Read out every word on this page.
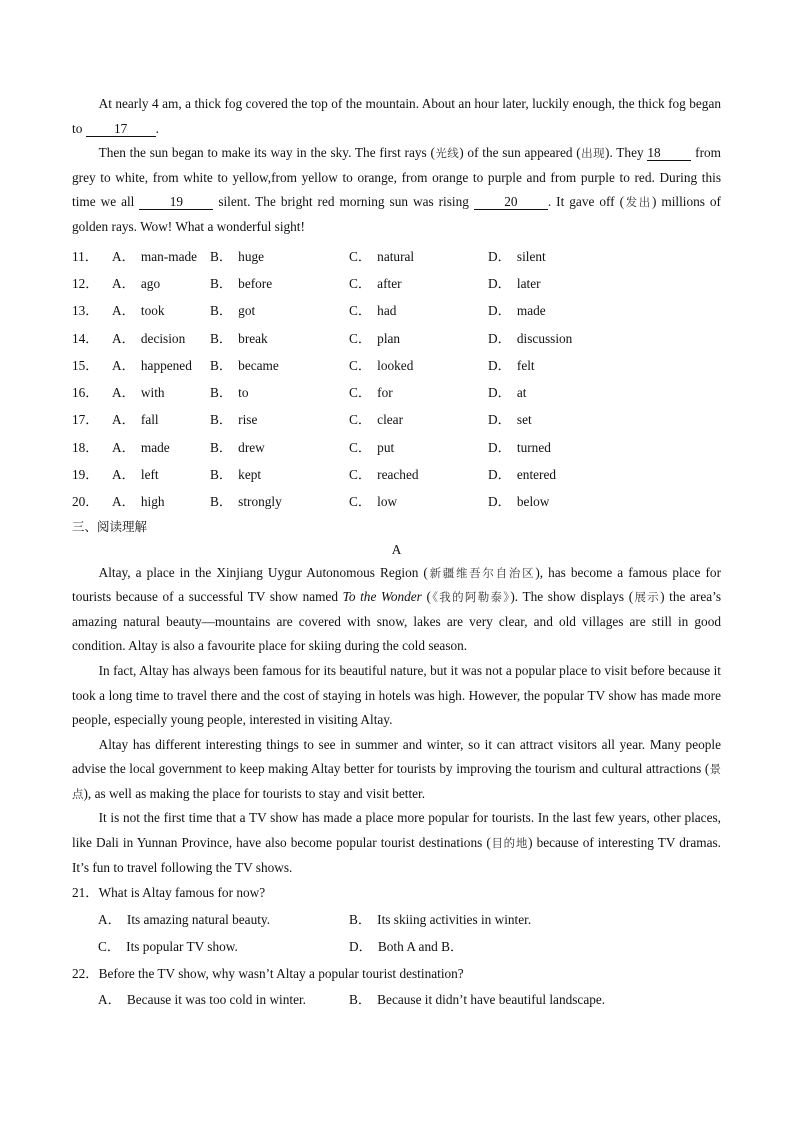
At nearly 4 am, a thick fog covered the top of the mountain. About an hour later, luckily enough, the thick fog began to 17 .

Then the sun began to make its way in the sky. The first rays (光线) of the sun appeared (出现). They 18 from grey to white, from white to yellow,from yellow to orange, from orange to purple and from purple to red. During this time we all 19 silent. The bright red morning sun was rising 20 . It gave off (发出) millions of golden rays. Wow! What a wonderful sight!

11．	A． man-made B． huge	C． natural	D． silent
12．	A． ago	B． before	C． after	D． later
13．	A． took	B． got	C． had	D． made
14．	A． decision	B． break	C． plan	D． discussion
15．	A． happened	B． became	C． looked	D． felt
16．	A． with	B． to	C． for	D． at
17．	A． fall	B． rise	C． clear	D． set
18．	A． made	B． drew	C． put	D． turned
19．	A． left	B． kept	C． reached	D． entered
20．	A． high	B． strongly	C． low	D． below
三、阅读理解
A

Altay, a place in the Xinjiang Uygur Autonomous Region (新疆维吾尔自治区), has become a famous place for tourists because of a successful TV show named To the Wonder (《我的阿勒泰》). The show displays (展示) the area’s amazing natural beauty—mountains are covered with snow, lakes are very clear, and old villages are still in good condition. Altay is also a favourite place for skiing during the cold season.

In fact, Altay has always been famous for its beautiful nature, but it was not a popular place to visit before because it took a long time to travel there and the cost of staying in hotels was high. However, the popular TV show has made more people, especially young people, interested in visiting Altay.

Altay has different interesting things to see in summer and winter, so it can attract visitors all year. Many people advise the local government to keep making Altay better for tourists by improving the tourism and cultural attractions (景点), as well as making the place for tourists to stay and visit better.

It is not the first time that a TV show has made a place more popular for tourists. In the last few years, other places, like Dali in Yunnan Province, have also become popular tourist destinations (目的地) because of interesting TV dramas. It’s fun to travel following the TV shows.

21．What is Altay famous for now?
A． Its amazing natural beauty.	B． Its skiing activities in winter.
C． Its popular TV show.	D． Both A and B．
22．Before the TV show, why wasn’t Altay a popular tourist destination?
A． Because it was too cold in winter.	B． Because it didn’t have beautiful landscape.
